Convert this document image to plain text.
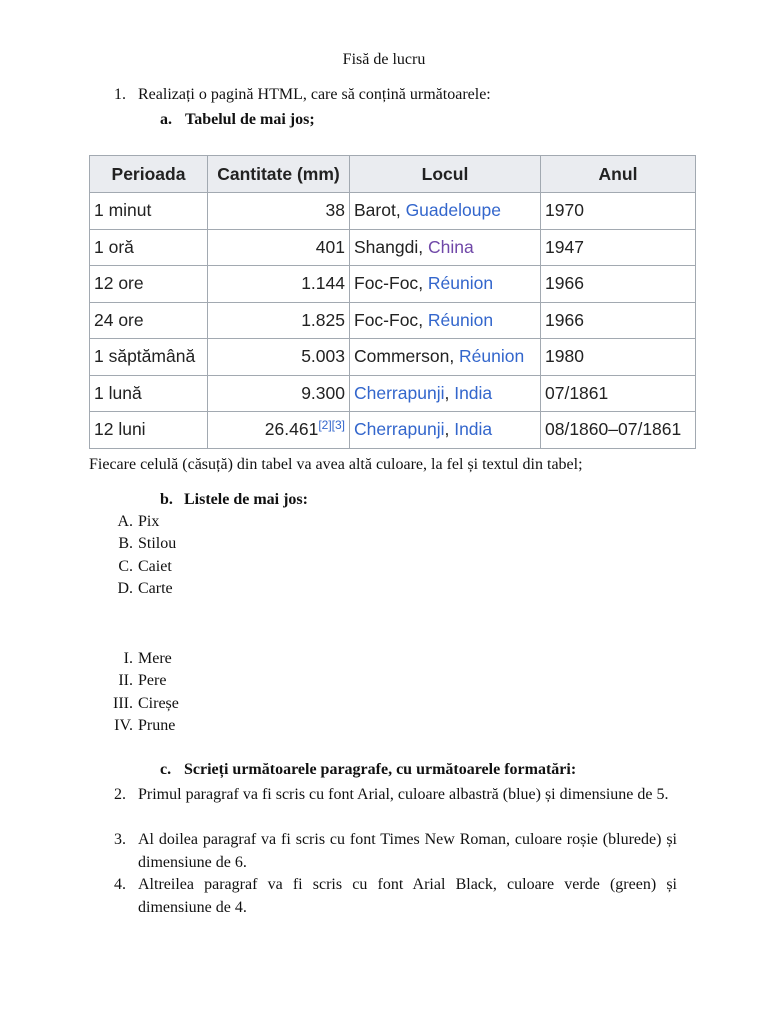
Fisă de lucru
1. Realizați o pagină HTML, care să conțină următoarele:
a. Tabelul de mai jos;
Perioada	Cantitate (mm)	Locul	Anul
1 minut	38	Barot, Guadeloupe	1970
1 oră	401	Shangdi, China	1947
12 ore	1.144	Foc-Foc, Réunion	1966
24 ore	1.825	Foc-Foc, Réunion	1966
1 săptămână	5.003	Commerson, Réunion	1980
1 lună	9.300	Cherrapunji, India	07/1861
12 luni	26.461[2][3]	Cherrapunji, India	08/1860–07/1861
Fiecare celulă (căsuță) din tabel va avea altă culoare, la fel și textul din tabel;
b. Listele de mai jos:
A. Pix
B. Stilou
C. Caiet
D. Carte
I. Mere
II. Pere
III. Cireșe
IV. Prune
c. Scrieți următoarele paragrafe, cu următoarele formatări:
2. Primul paragraf va fi scris cu font Arial, culoare albastră (blue) și dimensiune de 5.
3. Al doilea paragraf va fi scris cu font Times New Roman, culoare roșie (blurede) și dimensiune de 6.
4. Altreilea paragraf va fi scris cu font Arial Black, culoare verde (green) și dimensiune de 4.
